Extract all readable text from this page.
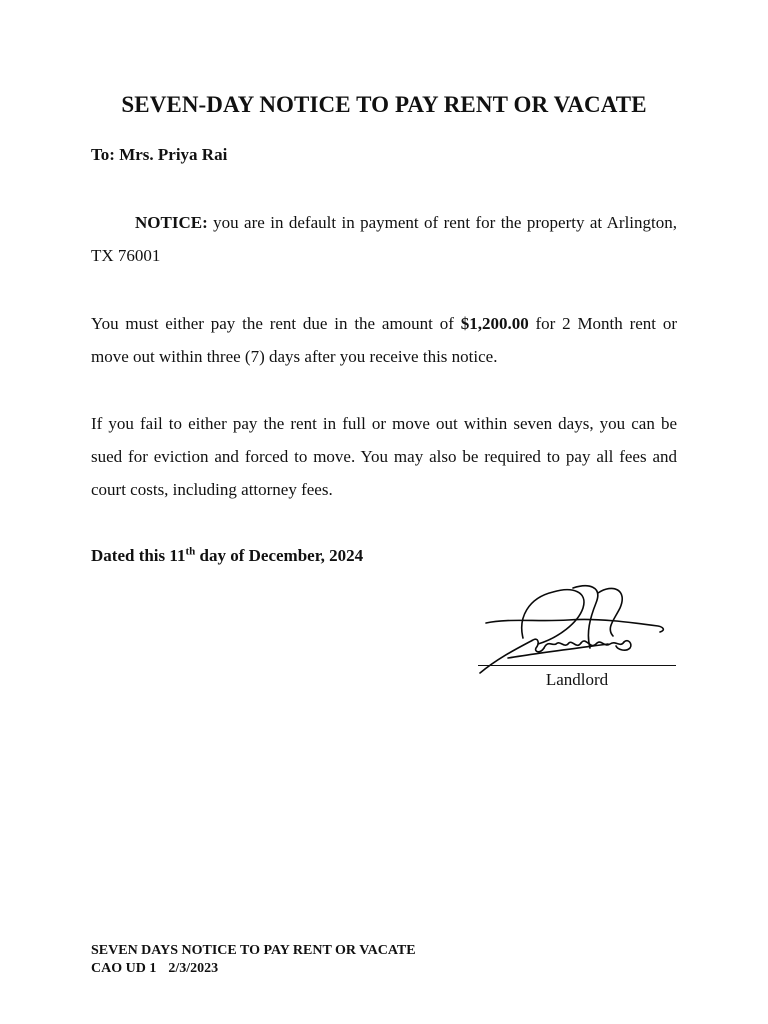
SEVEN-DAY NOTICE TO PAY RENT OR VACATE
To: Mrs. Priya Rai
NOTICE: you are in default in payment of rent for the property at Arlington, TX 76001
You must either pay the rent due in the amount of $1,200.00 for 2 Month rent or move out within three (7) days after you receive this notice.
If you fail to either pay the rent in full or move out within seven days, you can be sued for eviction and forced to move. You may also be required to pay all fees and court costs, including attorney fees.
Dated this 11th day of December, 2024
Landlord
SEVEN DAYS NOTICE TO PAY RENT OR VACATE
CAO UD 1 2/3/2023
